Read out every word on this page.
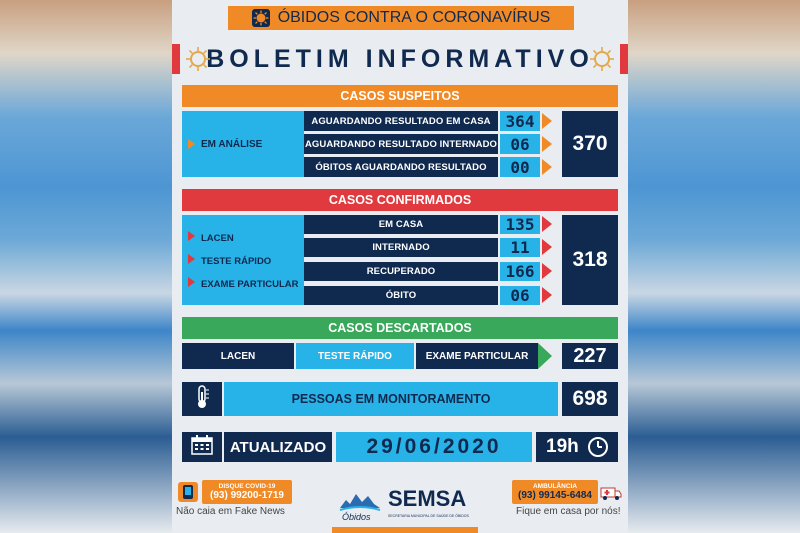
ÓBIDOS CONTRA O CORONAVÍRUS
BOLETIM INFORMATIVO
CASOS SUSPEITOS
EM ANÁLISE
AGUARDANDO RESULTADO EM CASA 364
AGUARDANDO RESULTADO INTERNADO 06
ÓBITOS AGUARDANDO RESULTADO 00
370
CASOS CONFIRMADOS
LACEN
TESTE RÁPIDO
EXAME PARTICULAR
EM CASA	135
INTERNADO	11
RECUPERADO	166
ÓBITO	06
318
CASOS DESCARTADOS
LACEN	TESTE RÁPIDO	EXAME PARTICULAR 227
PESSOAS EM MONITORAMENTO	698
ATUALIZADO 29/06/2020 19h
DISQUE COVID-19
(93) 99200-1719
Não caia em Fake News	Óbidos
SEMSA
SECRETARIA MUNICIPAL DE SAÚDE DE ÓBIDOS
AMBULÂNCIA
(93) 99145-6484
Fique em casa por nós!
